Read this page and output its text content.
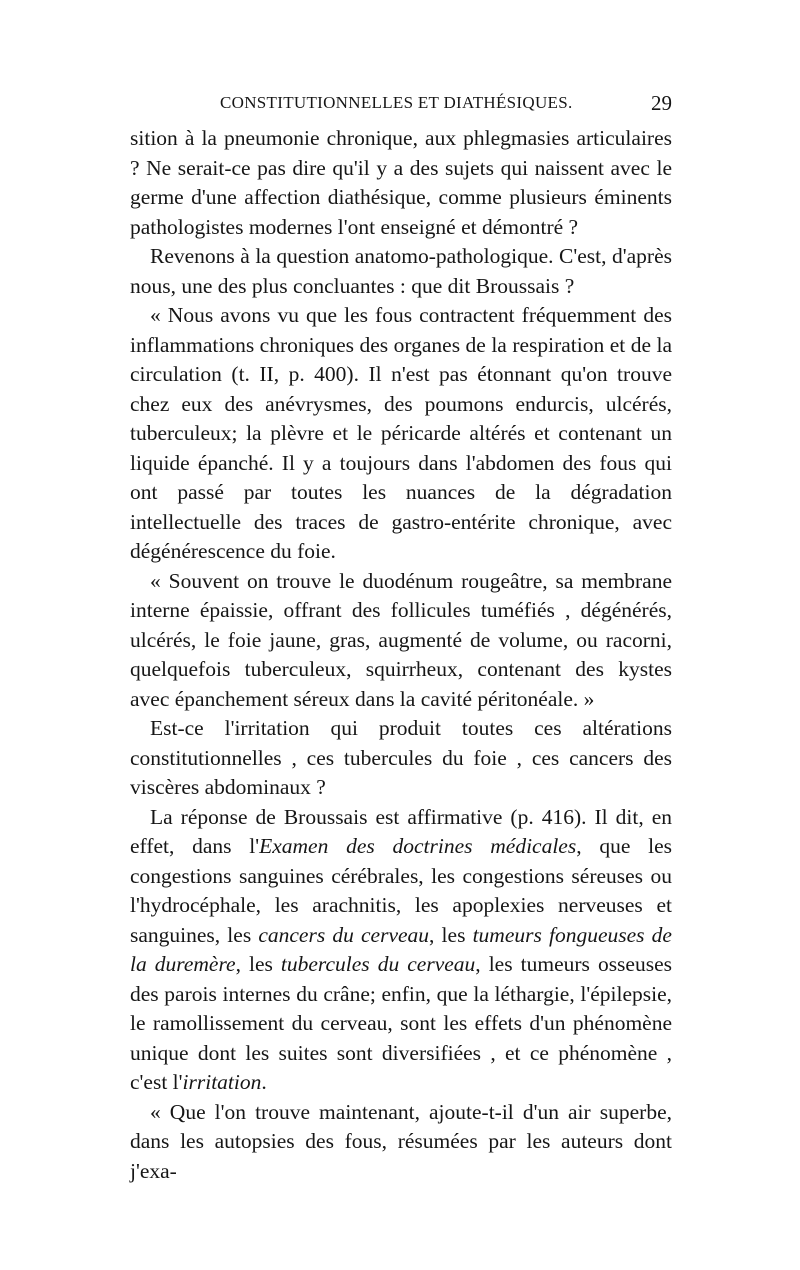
CONSTITUTIONNELLES ET DIATHÉSIQUES.	29

sition à la pneumonie chronique, aux phlegmasies articulaires ? Ne serait-ce pas dire qu'il y a des sujets qui naissent avec le germe d'une affection diathésique, comme plusieurs éminents pathologistes modernes l'ont enseigné et démontré ?

Revenons à la question anatomo-pathologique. C'est, d'après nous, une des plus concluantes : que dit Broussais ?

« Nous avons vu que les fous contractent fréquemment des inflammations chroniques des organes de la respiration et de la circulation (t. II, p. 400). Il n'est pas étonnant qu'on trouve chez eux des anévrysmes, des poumons endurcis, ulcérés, tuberculeux; la plèvre et le péricarde altérés et contenant un liquide épanché. Il y a toujours dans l'abdomen des fous qui ont passé par toutes les nuances de la dégradation intellectuelle des traces de gastro-entérite chronique, avec dégénérescence du foie.

« Souvent on trouve le duodénum rougeâtre, sa membrane interne épaissie, offrant des follicules tuméfiés , dégénérés, ulcérés, le foie jaune, gras, augmenté de volume, ou racorni, quelquefois tuberculeux, squirrheux, contenant des kystes avec épanchement séreux dans la cavité péritonéale. »

Est-ce l'irritation qui produit toutes ces altérations constitutionnelles , ces tubercules du foie , ces cancers des viscères abdominaux ?

La réponse de Broussais est affirmative (p. 416). Il dit, en effet, dans l'Examen des doctrines médicales, que les congestions sanguines cérébrales, les congestions séreuses ou l'hydrocéphale, les arachnitis, les apoplexies nerveuses et sanguines, les cancers du cerveau, les tumeurs fongueuses de la duremère, les tubercules du cerveau, les tumeurs osseuses des parois internes du crâne; enfin, que la léthargie, l'épilepsie, le ramollissement du cerveau, sont les effets d'un phénomène unique dont les suites sont diversifiées , et ce phénomène , c'est l'irritation.

« Que l'on trouve maintenant, ajoute-t-il d'un air superbe, dans les autopsies des fous, résumées par les auteurs dont j'exa-
